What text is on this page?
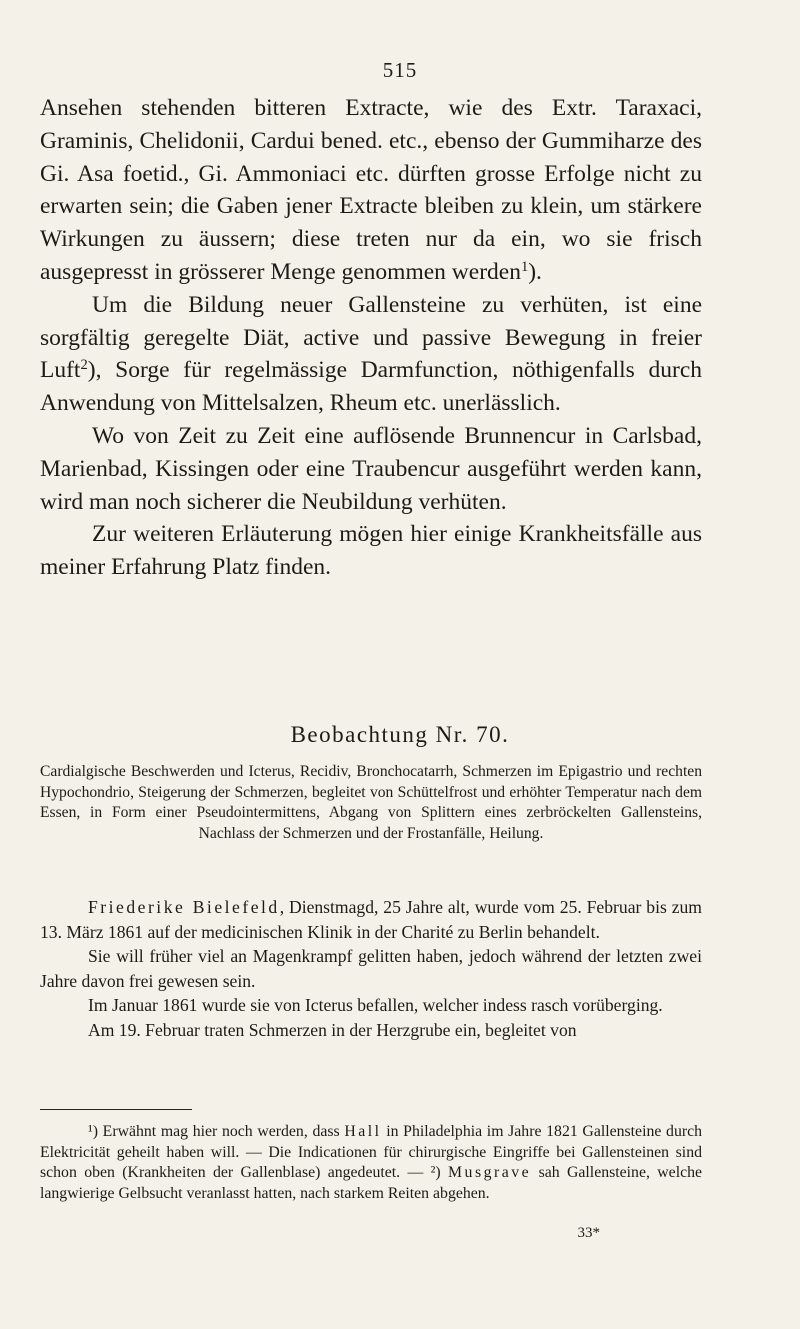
515

Ansehen stehenden bitteren Extracte, wie des Extr. Taraxaci, Graminis, Chelidonii, Cardui bened. etc., ebenso der Gummiharze des Gi. Asa foetid., Gi. Ammoniaci etc. dürften grosse Erfolge nicht zu erwarten sein; die Gaben jener Extracte bleiben zu klein, um stärkere Wirkungen zu äussern; diese treten nur da ein, wo sie frisch ausgepresst in grösserer Menge genommen werden$^1$).

Um die Bildung neuer Gallensteine zu verhüten, ist eine sorgfältig geregelte Diät, active und passive Bewegung in freier Luft$^2$), Sorge für regelmässige Darmfunction, nöthigenfalls durch Anwendung von Mittelsalzen, Rheum etc. unerlässlich.

Wo von Zeit zu Zeit eine auflösende Brunnencur in Carlsbad, Marienbad, Kissingen oder eine Traubencur ausgeführt werden kann, wird man noch sicherer die Neubildung verhüten.

Zur weiteren Erläuterung mögen hier einige Krankheitsfälle aus meiner Erfahrung Platz finden.

Beobachtung Nr. 70.
Cardialgische Beschwerden und Icterus, Recidiv, Bronchocatarrh, Schmerzen im Epigastrio und rechten Hypochondrio, Steigerung der Schmerzen, begleitet von Schüttelfrost und erhöhter Temperatur nach dem Essen, in Form einer Pseudointermittens, Abgang von Splittern eines zerbröckelten Gallensteins, Nachlass der Schmerzen und der Frostanfälle, Heilung.

Friederike Bielefeld, Dienstmagd, 25 Jahre alt, wurde vom 25. Februar bis zum 13. März 1861 auf der medicinischen Klinik in der Charité zu Berlin behandelt.

Sie will früher viel an Magenkrampf gelitten haben, jedoch während der letzten zwei Jahre davon frei gewesen sein.

Im Januar 1861 wurde sie von Icterus befallen, welcher indess rasch vorüberging.

Am 19. Februar traten Schmerzen in der Herzgrube ein, begleitet von

¹) Erwähnt mag hier noch werden, dass Hall in Philadelphia im Jahre 1821 Gallensteine durch Elektricität geheilt haben will. — Die Indicationen für chirurgische Eingriffe bei Gallensteinen sind schon oben (Krankheiten der Gallenblase) angedeutet. — ²) Musgrave sah Gallensteine, welche langwierige Gelbsucht veranlasst hatten, nach starkem Reiten abgehen.

33*
